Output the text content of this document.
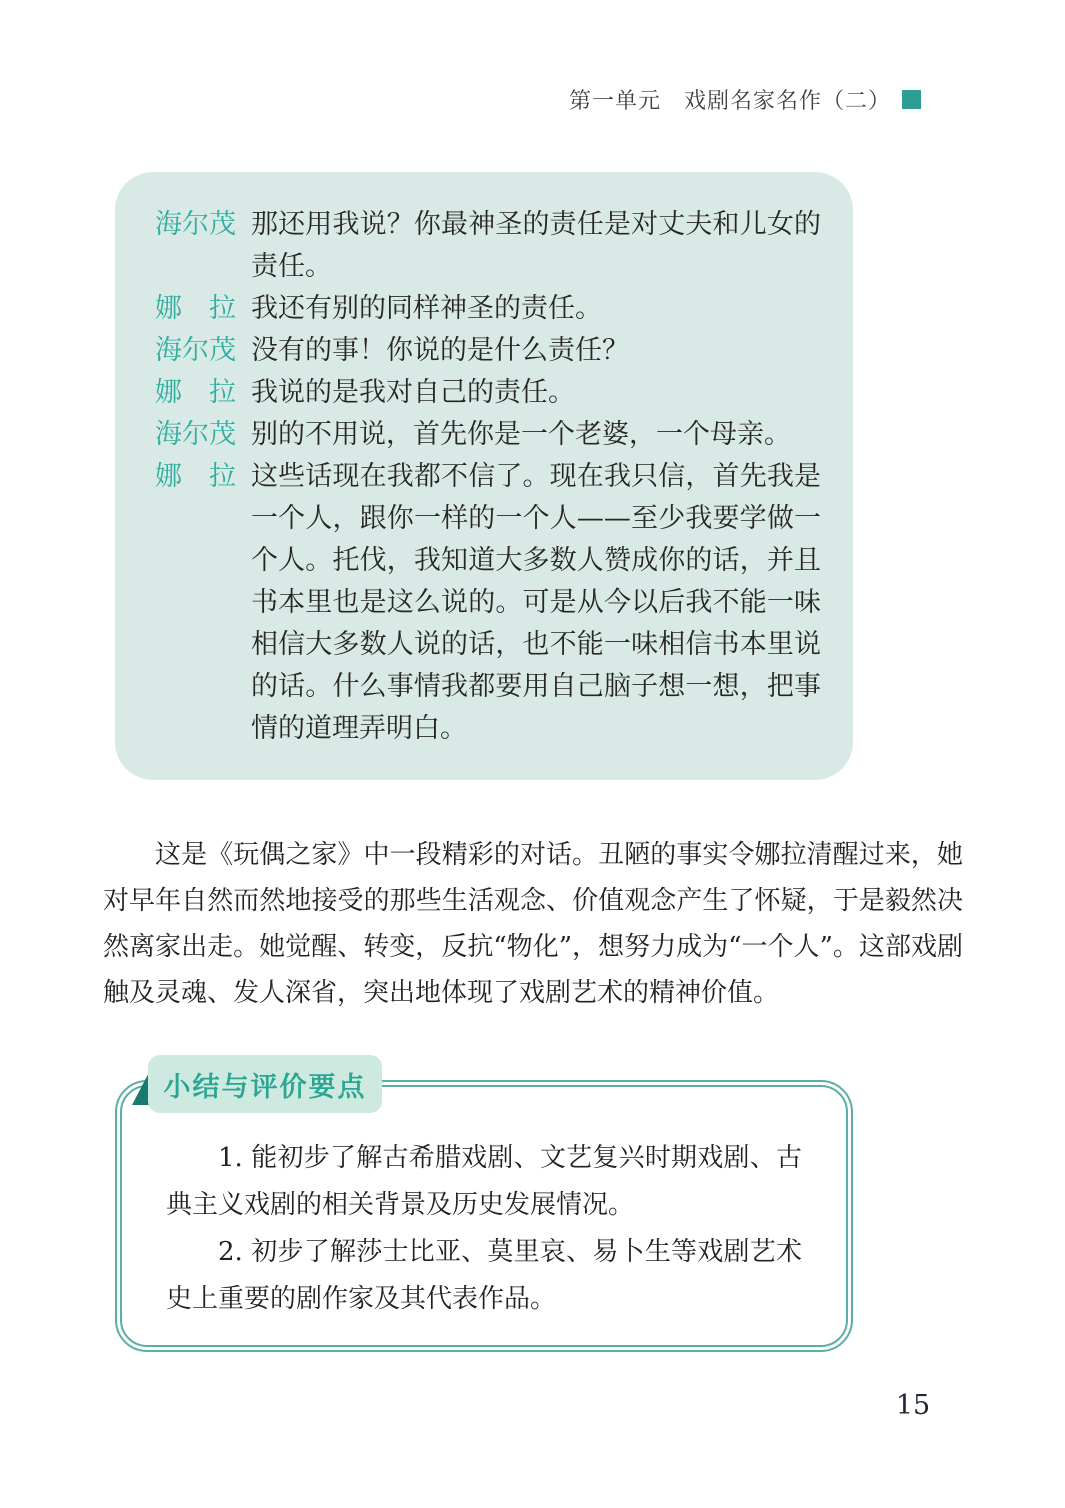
第一单元　戏剧名家名作（二）
海尔茂 那还用我说？你最神圣的责任是对丈夫和儿女的责任。
娜　拉 我还有别的同样神圣的责任。
海尔茂 没有的事！你说的是什么责任？
娜　拉 我说的是我对自己的责任。
海尔茂 别的不用说，首先你是一个老婆，一个母亲。
娜　拉 这些话现在我都不信了。现在我只信，首先我是一个人，跟你一样的一个人——至少我要学做一个人。托伐，我知道大多数人赞成你的话，并且书本里也是这么说的。可是从今以后我不能一味相信大多数人说的话，也不能一味相信书本里说的话。什么事情我都要用自己脑子想一想，把事情的道理弄明白。

这是《玩偶之家》中一段精彩的对话。丑陋的事实令娜拉清醒过来，她对早年自然而然地接受的那些生活观念、价值观念产生了怀疑，于是毅然决然离家出走。她觉醒、转变，反抗“物化”，想努力成为“一个人”。这部戏剧触及灵魂、发人深省，突出地体现了戏剧艺术的精神价值。

1. 能初步了解古希腊戏剧、文艺复兴时期戏剧、古典主义戏剧的相关背景及历史发展情况。

2. 初步了解莎士比亚、莫里哀、易卜生等戏剧艺术史上重要的剧作家及其代表作品。

小结与评价要点
15
